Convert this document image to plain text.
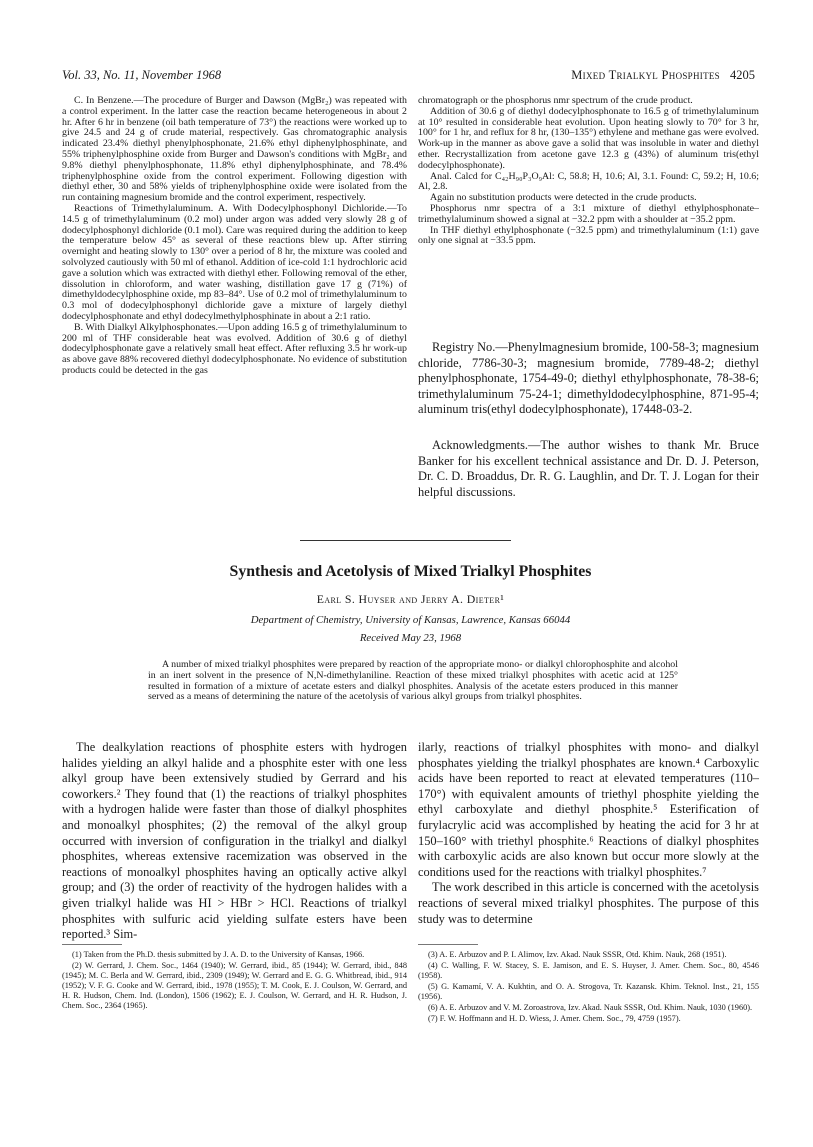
Vol. 33, No. 11, November 1968	Mixed Trialkyl Phosphites 4205

C. In Benzene.—The procedure of Burger and Dawson (MgBr₂) was repeated with a control experiment. In the latter case the reaction became heterogeneous in about 2 hr. After 6 hr in benzene (oil bath temperature of 73°) the reactions were worked up to give 24.5 and 24 g of crude material, respectively. Gas chromatographic analysis indicated 23.4% diethyl phenylphosphonate, 21.6% ethyl diphenylphosphinate, and 55% triphenylphosphine oxide from Burger and Dawson's conditions with MgBr₂ and 9.8% diethyl phenylphosphonate, 11.8% ethyl diphenylphosphinate, and 78.4% triphenylphosphine oxide from the control experiment. Following digestion with diethyl ether, 30 and 58% yields of triphenylphosphine oxide were isolated from the run containing magnesium bromide and the control experiment, respectively.

Reactions of Trimethylaluminum. A. With Dodecylphosphonyl Dichloride.—To 14.5 g of trimethylaluminum (0.2 mol) under argon was added very slowly 28 g of dodecylphosphonyl dichloride (0.1 mol). Care was required during the addition to keep the temperature below 45° as several of these reactions blew up. After stirring overnight and heating slowly to 130° over a period of 8 hr, the mixture was cooled and solvolyzed cautiously with 50 ml of ethanol. Addition of ice-cold 1:1 hydrochloric acid gave a solution which was extracted with diethyl ether. Following removal of the ether, dissolution in chloroform, and water washing, distillation gave 17 g (71%) of dimethyldodecylphosphine oxide, mp 83–84°. Use of 0.2 mol of trimethylaluminum to 0.3 mol of dodecylphosphonyl dichloride gave a mixture of largely diethyl dodecylphosphonate and ethyl dodecylmethylphosphinate in about a 2:1 ratio.

B. With Dialkyl Alkylphosphonates.—Upon adding 16.5 g of trimethylaluminum to 200 ml of THF considerable heat was evolved. Addition of 30.6 g of diethyl dodecylphosphonate gave a relatively small heat effect. After refluxing 3.5 hr work-up as above gave 88% recovered diethyl dodecylphosphonate. No evidence of substitution products could be detected in the gas

chromatograph or the phosphorus nmr spectrum of the crude product.

Addition of 30.6 g of diethyl dodecylphosphonate to 16.5 g of trimethylaluminum at 10° resulted in considerable heat evolution. Upon heating slowly to 70° for 3 hr, 100° for 1 hr, and reflux for 8 hr, (130–135°) ethylene and methane gas were evolved. Work-up in the manner as above gave a solid that was insoluble in water and diethyl ether. Recrystallization from acetone gave 12.3 g (43%) of aluminum tris(ethyl dodecylphosphonate).

Anal. Calcd for C₄₂H₉₀P₃O₉Al: C, 58.8; H, 10.6; Al, 3.1. Found: C, 59.2; H, 10.6; Al, 2.8.

Again no substitution products were detected in the crude products.

Phosphorus nmr spectra of a 3:1 mixture of diethyl ethylphosphonate–trimethylaluminum showed a signal at −32.2 ppm with a shoulder at −35.2 ppm.

In THF diethyl ethylphosphonate (−32.5 ppm) and trimethylaluminum (1:1) gave only one signal at −33.5 ppm.

Registry No.—Phenylmagnesium bromide, 100-58-3; magnesium chloride, 7786-30-3; magnesium bromide, 7789-48-2; diethyl phenylphosphonate, 1754-49-0; diethyl ethylphosphonate, 78-38-6; trimethylaluminum 75-24-1; dimethyldodecylphosphine, 871-95-4; aluminum tris(ethyl dodecylphosphonate), 17448-03-2.

Acknowledgments.—The author wishes to thank Mr. Bruce Banker for his excellent technical assistance and Dr. D. J. Peterson, Dr. C. D. Broaddus, Dr. R. G. Laughlin, and Dr. T. J. Logan for their helpful discussions.

Synthesis and Acetolysis of Mixed Trialkyl Phosphites
Earl S. Huyser and Jerry A. Dieter¹
Department of Chemistry, University of Kansas, Lawrence, Kansas 66044
Received May 23, 1968
A number of mixed trialkyl phosphites were prepared by reaction of the appropriate mono- or dialkyl chlorophosphite and alcohol in an inert solvent in the presence of N,N-dimethylaniline. Reaction of these mixed trialkyl phosphites with acetic acid at 125° resulted in formation of a mixture of acetate esters and dialkyl phosphites. Analysis of the acetate esters produced in this manner served as a means of determining the nature of the acetolysis of various alkyl groups from trialkyl phosphites.

The dealkylation reactions of phosphite esters with hydrogen halides yielding an alkyl halide and a phosphite ester with one less alkyl group have been extensively studied by Gerrard and his coworkers.² They found that (1) the reactions of trialkyl phosphites with a hydrogen halide were faster than those of dialkyl phosphites and monoalkyl phosphites; (2) the removal of the alkyl group occurred with inversion of configuration in the trialkyl and dialkyl phosphites, whereas extensive racemization was observed in the reactions of monoalkyl phosphites having an optically active alkyl group; and (3) the order of reactivity of the hydrogen halides with a given trialkyl halide was HI > HBr > HCl. Reactions of trialkyl phosphites with sulfuric acid yielding sulfate esters have been reported.³ Sim-

ilarly, reactions of trialkyl phosphites with mono- and dialkyl phosphates yielding the trialkyl phosphates are known.⁴ Carboxylic acids have been reported to react at elevated temperatures (110–170°) with equivalent amounts of triethyl phosphite yielding the ethyl carboxylate and diethyl phosphite.⁵ Esterification of furylacrylic acid was accomplished by heating the acid for 3 hr at 150–160° with triethyl phosphite.⁶ Reactions of dialkyl phosphites with carboxylic acids are also known but occur more slowly at the conditions used for the reactions with trialkyl phosphites.⁷

The work described in this article is concerned with the acetolysis reactions of several mixed trialkyl phosphites. The purpose of this study was to determine

(1) Taken from the Ph.D. thesis submitted by J. A. D. to the University of Kansas, 1966.

(2) W. Gerrard, J. Chem. Soc., 1464 (1940); W. Gerrard, ibid., 85 (1944); W. Gerrard, ibid., 848 (1945); M. C. Berla and W. Gerrard, ibid., 2309 (1949); W. Gerrard and E. G. G. Whitbread, ibid., 914 (1952); V. F. G. Cooke and W. Gerrard, ibid., 1978 (1955); T. M. Cook, E. J. Coulson, W. Gerrard, and H. R. Hudson, Chem. Ind. (London), 1506 (1962); E. J. Coulson, W. Gerrard, and H. R. Hudson, J. Chem. Soc., 2364 (1965).

(3) A. E. Arbuzov and P. I. Alimov, Izv. Akad. Nauk SSSR, Otd. Khim. Nauk, 268 (1951).

(4) C. Walling, F. W. Stacey, S. E. Jamison, and E. S. Huyser, J. Amer. Chem. Soc., 80, 4546 (1958).

(5) G. Kamamí, V. A. Kukhtin, and O. A. Strogova, Tr. Kazansk. Khim. Teknol. Inst., 21, 155 (1956).

(6) A. E. Arbuzov and V. M. Zoroastrova, Izv. Akad. Nauk SSSR, Otd. Khim. Nauk, 1030 (1960).

(7) F. W. Hoffmann and H. D. Wiess, J. Amer. Chem. Soc., 79, 4759 (1957).
